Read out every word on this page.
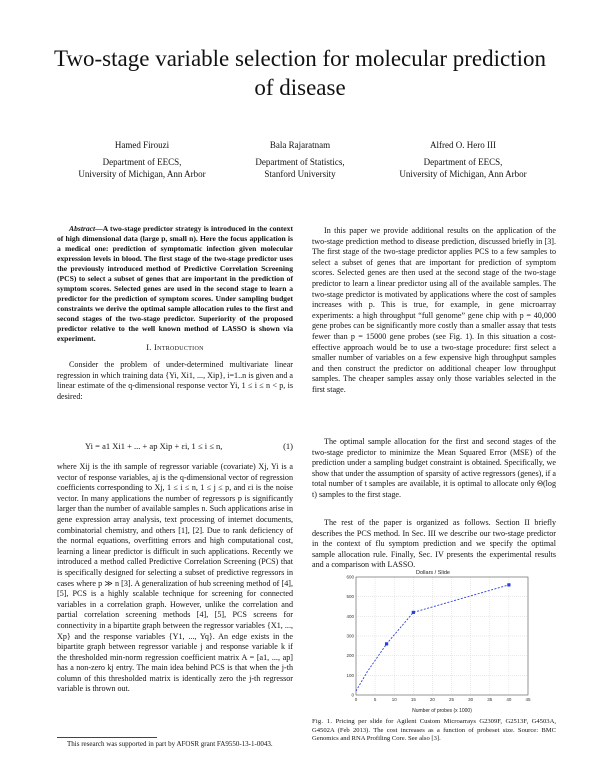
Two-stage variable selection for molecular prediction
of disease
Hamed Firouzi
Department of EECS,
University of Michigan, Ann Arbor
Bala Rajaratnam
Department of Statistics,
Stanford University
Alfred O. Hero III
Department of EECS,
University of Michigan, Ann Arbor
Abstract—A two-stage predictor strategy is introduced in the context of high dimensional data (large p, small n). Here the focus application is a medical one: prediction of symptomatic infection given molecular expression levels in blood. The first stage of the two-stage predictor uses the previously introduced method of Predictive Correlation Screening (PCS) to select a subset of genes that are important in the prediction of symptom scores. Selected genes are used in the second stage to learn a predictor for the prediction of symptom scores. Under sampling budget constraints we derive the optimal sample allocation rules to the first and second stages of the two-stage predictor. Superiority of the proposed predictor relative to the well known method of LASSO is shown via experiment.
I. Introduction

Consider the problem of under-determined multivariate linear regression in which training data {Yi, Xi1, ..., Xip}, i=1..n is given and a linear estimate of the q-dimensional response vector Yi, 1 ≤ i ≤ n < p, is desired:

Yi = a1 Xi1 + ... + ap Xip + εi, 1 ≤ i ≤ n,	(1)

where Xij is the ith sample of regressor variable (covariate) Xj, Yi is a vector of response variables, aj is the q-dimensional vector of regression coefficients corresponding to Xj, 1 ≤ i ≤ n, 1 ≤ j ≤ p, and εi is the noise vector. In many applications the number of regressors p is significantly larger than the number of available samples n. Such applications arise in gene expression array analysis, text processing of internet documents, combinatorial chemistry, and others [1], [2]. Due to rank deficiency of the normal equations, overfitting errors and high computational cost, learning a linear predictor is difficult in such applications. Recently we introduced a method called Predictive Correlation Screening (PCS) that is specifically designed for selecting a subset of predictive regressors in cases where p ≫ n [3]. A generalization of hub screening method of [4], [5], PCS is a highly scalable technique for screening for connected variables in a correlation graph. However, unlike the correlation and partial correlation screening methods [4], [5], PCS screens for connectivity in a bipartite graph between the regressor variables {X1, ..., Xp} and the response variables {Y1, ..., Yq}. An edge exists in the bipartite graph between regressor variable j and response variable k if the thresholded min-norm regression coefficient matrix A = [a1, ..., ap] has a non-zero kj entry. The main idea behind PCS is that when the j-th column of this thresholded matrix is identically zero the j-th regressor variable is thrown out.

This research was supported in part by AFOSR grant FA9550-13-1-0043.

In this paper we provide additional results on the application of the two-stage prediction method to disease prediction, discussed briefly in [3]. The first stage of the two-stage predictor applies PCS to a few samples to select a subset of genes that are important for prediction of symptom scores. Selected genes are then used at the second stage of the two-stage predictor to learn a linear predictor using all of the available samples. The two-stage predictor is motivated by applications where the cost of samples increases with p. This is true, for example, in gene microarray experiments: a high throughput “full genome” gene chip with p = 40,000 gene probes can be significantly more costly than a smaller assay that tests fewer than p = 15000 gene probes (see Fig. 1). In this situation a cost-effective approach would be to use a two-stage procedure: first select a smaller number of variables on a few expensive high throughput samples and then construct the predictor on additional cheaper low throughput samples. The cheaper samples assay only those variables selected in the first stage.

The optimal sample allocation for the first and second stages of the two-stage predictor to minimize the Mean Squared Error (MSE) of the prediction under a sampling budget constraint is obtained. Specifically, we show that under the assumption of sparsity of active regressors (genes), if a total number of t samples are available, it is optimal to allocate only Θ(log t) samples to the first stage.

The rest of the paper is organized as follows. Section II briefly describes the PCS method. In Sec. III we describe our two-stage predictor in the context of flu symptom prediction and we specify the optimal sample allocation rule. Finally, Sec. IV presents the experimental results and a comparison with LASSO.

Dollars / Slide
0	5	10	15	20	25	30	35	40	45
0
100
200
300
400
500
600
Number of probes (x 1000)
Fig. 1. Pricing per slide for Agilent Custom Microarrays G2309F, G2513F, G4503A, G4502A (Feb 2013). The cost increases as a function of probeset size. Source: BMC Genomics and RNA Profiling Core. See also [3].
